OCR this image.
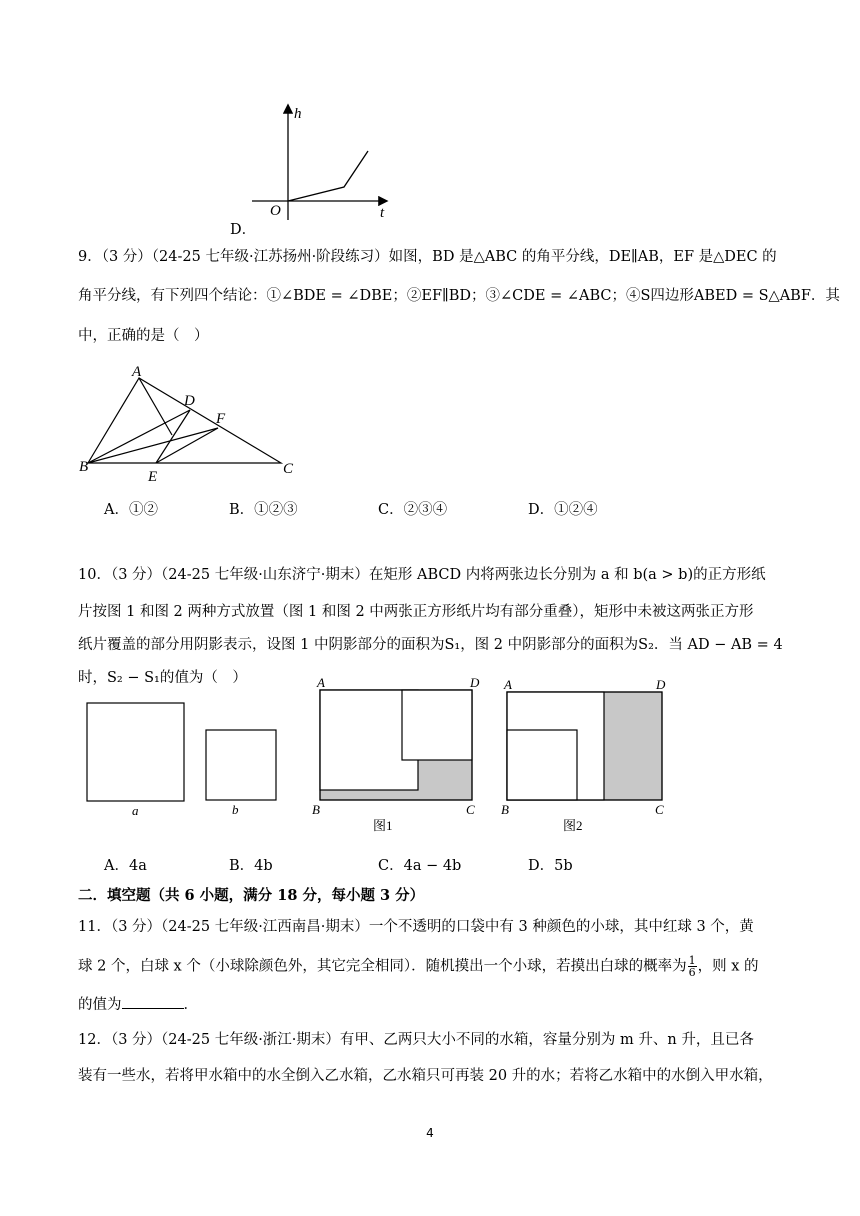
h
t
O
D．
9．（3 分）（24-25 七年级·江苏扬州·阶段练习）如图，BD 是△ABC 的角平分线，DE∥AB，EF 是△DEC 的
角平分线，有下列四个结论：①∠BDE = ∠DBE；②EF∥BD；③∠CDE = ∠ABC；④S四边形ABED = S△ABF．其
中，正确的是（　）
A
D
F
B
E	C
A．①②	B．①②③	C．②③④	D．①②④
10．（3 分）（24-25 七年级·山东济宁·期末）在矩形 ABCD 内将两张边长分别为 a 和 b(a > b)的正方形纸
片按图 1 和图 2 两种方式放置（图 1 和图 2 中两张正方形纸片均有部分重叠），矩形中未被这两张正方形
纸片覆盖的部分用阴影表示，设图 1 中阴影部分的面积为S₁，图 2 中阴影部分的面积为S₂．当 AD − AB = 4
时，S₂ − S₁的值为（　）
a	b
A	D
B	C
图1
A	D
B	C
图2
A．4a	B．4b	C．4a − 4b	D．5b
二．填空题（共 6 小题，满分 18 分，每小题 3 分）
11．（3 分）（24-25 七年级·江西南昌·期末）一个不透明的口袋中有 3 种颜色的小球，其中红球 3 个，黄
球 2 个，白球 x 个（小球除颜色外，其它完全相同）．随机摸出一个小球，若摸出白球的概率为 $\frac{1}{6}$ ，则 x 的
的值为	．
12．（3 分）（24-25 七年级·浙江·期末）有甲、乙两只大小不同的水箱，容量分别为 m 升、n 升，且已各
装有一些水，若将甲水箱中的水全倒入乙水箱，乙水箱只可再装 20 升的水；若将乙水箱中的水倒入甲水箱，
4
